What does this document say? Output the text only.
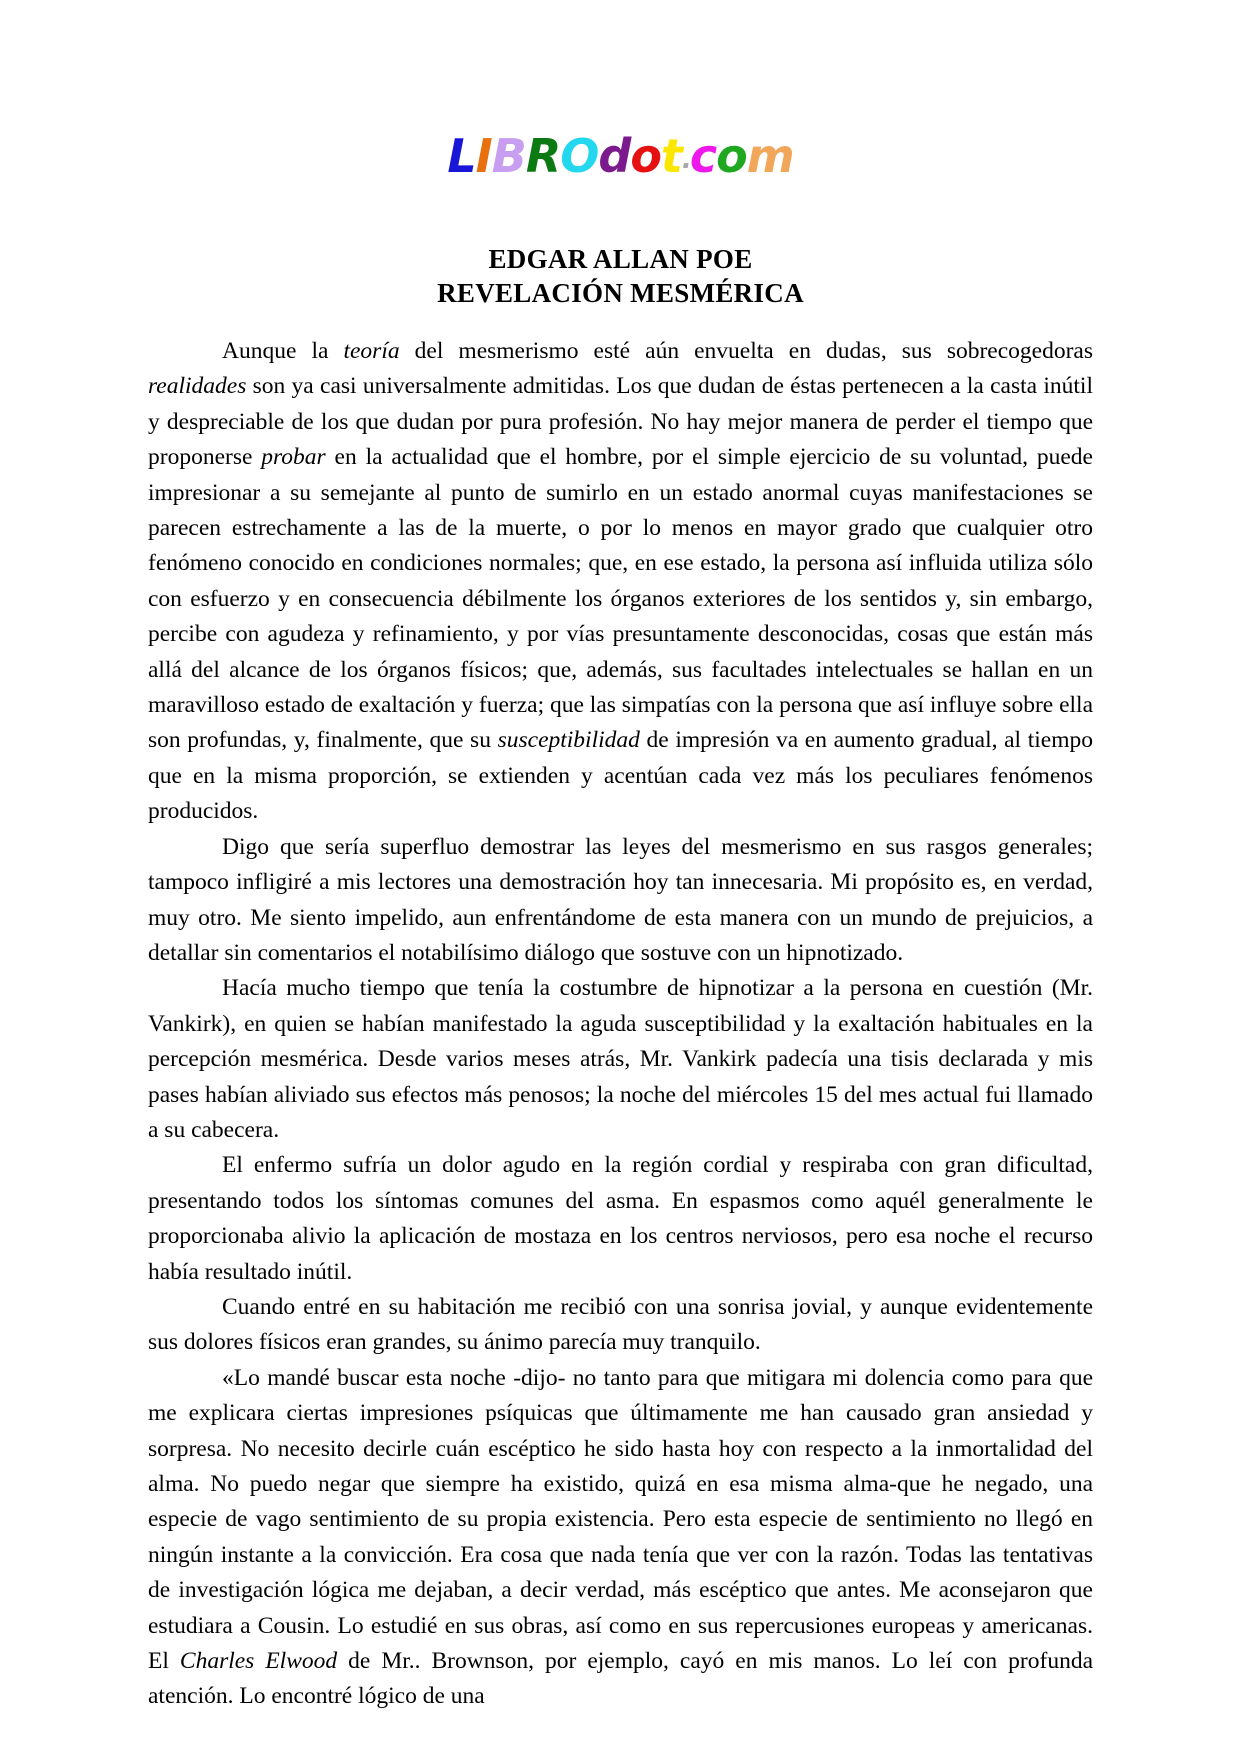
LIBROdot.com
EDGAR ALLAN POE
REVELACIÓN MESMÉRICA

Aunque la teoría del mesmerismo esté aún envuelta en dudas, sus sobrecogedoras realidades son ya casi universalmente admitidas. Los que dudan de éstas pertenecen a la casta inútil y despreciable de los que dudan por pura profesión. No hay mejor manera de perder el tiempo que proponerse probar en la actualidad que el hombre, por el simple ejercicio de su voluntad, puede impresionar a su semejante al punto de sumirlo en un estado anormal cuyas manifestaciones se parecen estrechamente a las de la muerte, o por lo menos en mayor grado que cualquier otro fenómeno conocido en condiciones normales; que, en ese estado, la persona así influida utiliza sólo con esfuerzo y en consecuencia débilmente los órganos exteriores de los sentidos y, sin embargo, percibe con agudeza y refinamiento, y por vías presuntamente desconocidas, cosas que están más allá del alcance de los órganos físicos; que, además, sus facultades intelectuales se hallan en un maravilloso estado de exaltación y fuerza; que las simpatías con la persona que así influye sobre ella son profundas, y, finalmente, que su susceptibilidad de impresión va en aumento gradual, al tiempo que en la misma proporción, se extienden y acentúan cada vez más los peculiares fenómenos producidos.

Digo que sería superfluo demostrar las leyes del mesmerismo en sus rasgos generales; tampoco infligiré a mis lectores una demostración hoy tan innecesaria. Mi propósito es, en verdad, muy otro. Me siento impelido, aun enfrentándome de esta manera con un mundo de prejuicios, a detallar sin comentarios el notabilísimo diálogo que sostuve con un hipnotizado.

Hacía mucho tiempo que tenía la costumbre de hipnotizar a la persona en cuestión (Mr. Vankirk), en quien se habían manifestado la aguda susceptibilidad y la exaltación habituales en la percepción mesmérica. Desde varios meses atrás, Mr. Vankirk padecía una tisis declarada y mis pases habían aliviado sus efectos más penosos; la noche del miércoles 15 del mes actual fui llamado a su cabecera.

El enfermo sufría un dolor agudo en la región cordial y respiraba con gran dificultad, presentando todos los síntomas comunes del asma. En espasmos como aquél generalmente le proporcionaba alivio la aplicación de mostaza en los centros nerviosos, pero esa noche el recurso había resultado inútil.

Cuando entré en su habitación me recibió con una sonrisa jovial, y aunque evidentemente sus dolores físicos eran grandes, su ánimo parecía muy tranquilo.

«Lo mandé buscar esta noche -dijo- no tanto para que mitigara mi dolencia como para que me explicara ciertas impresiones psíquicas que últimamente me han causado gran ansiedad y sorpresa. No necesito decirle cuán escéptico he sido hasta hoy con respecto a la inmortalidad del alma. No puedo negar que siempre ha existido, quizá en esa misma alma-que he negado, una especie de vago sentimiento de su propia existencia. Pero esta especie de sentimiento no llegó en ningún instante a la convicción. Era cosa que nada tenía que ver con la razón. Todas las tentativas de investigación lógica me dejaban, a decir verdad, más escéptico que antes. Me aconsejaron que estudiara a Cousin. Lo estudié en sus obras, así como en sus repercusiones europeas y americanas. El Charles Elwood de Mr.. Brownson, por ejemplo, cayó en mis manos. Lo leí con profunda atención. Lo encontré lógico de una
